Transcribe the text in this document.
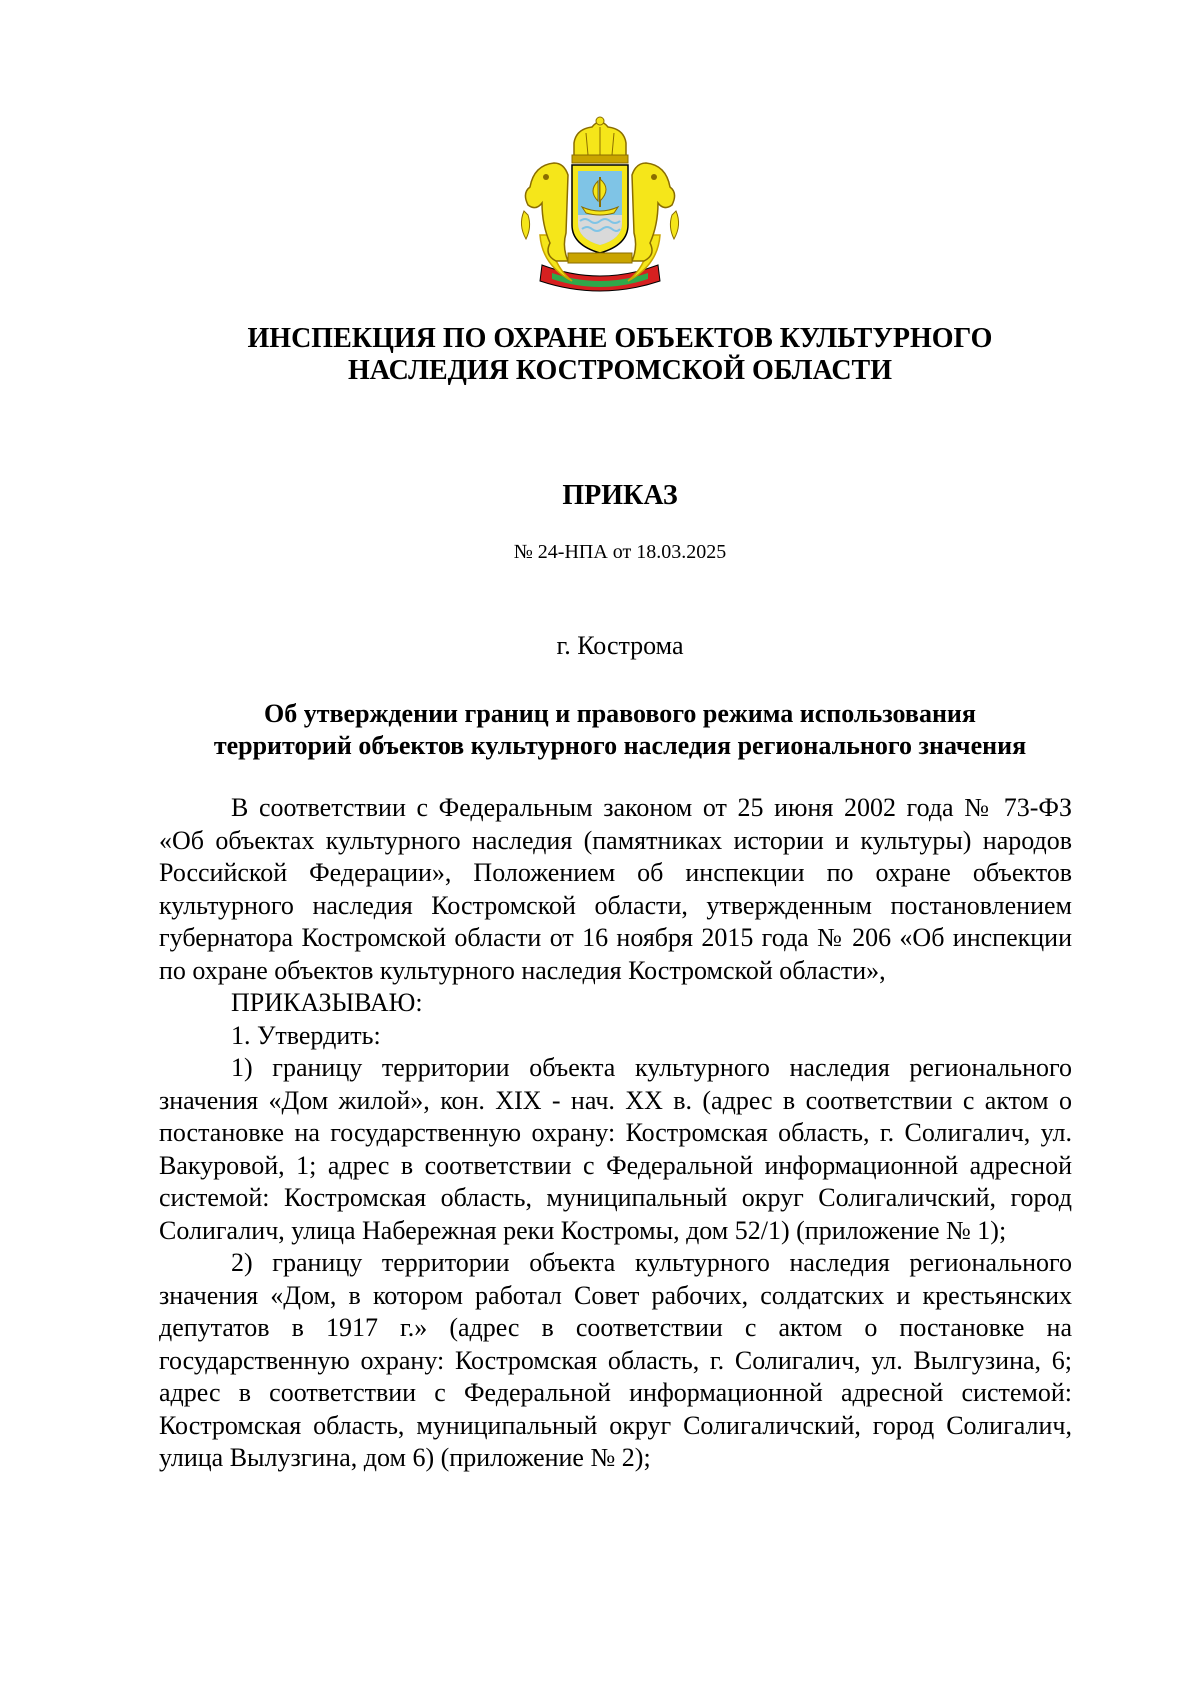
ИНСПЕКЦИЯ ПО ОХРАНЕ ОБЪЕКТОВ КУЛЬТУРНОГО
НАСЛЕДИЯ КОСТРОМСКОЙ ОБЛАСТИ
ПРИКАЗ
№ 24-НПА от 18.03.2025
г. Кострома
Об утверждении границ и правового режима использования
территорий объектов культурного наследия регионального значения

В соответствии с Федеральным законом от 25 июня 2002 года № 73-ФЗ «Об объектах культурного наследия (памятниках истории и культуры) народов Российской Федерации», Положением об инспекции по охране объектов культурного наследия Костромской области, утвержденным постановлением губернатора Костромской области от 16 ноября 2015 года № 206 «Об инспекции по охране объектов культурного наследия Костромской области»,

ПРИКАЗЫВАЮ:

1. Утвердить:

1) границу территории объекта культурного наследия регионального значения «Дом жилой», кон. XIX - нач. XX в. (адрес в соответствии с актом о постановке на государственную охрану: Костромская область, г. Солигалич, ул. Вакуровой, 1; адрес в соответствии с Федеральной информационной адресной системой: Костромская область, муниципальный округ Солигаличский, город Солигалич, улица Набережная реки Костромы, дом 52/1) (приложение № 1);

2) границу территории объекта культурного наследия регионального значения «Дом, в котором работал Совет рабочих, солдатских и крестьянских депутатов в 1917 г.» (адрес в соответствии с актом о постановке на государственную охрану: Костромская область, г. Солигалич, ул. Вылгузина, 6; адрес в соответствии с Федеральной информационной адресной системой: Костромская область, муниципальный округ Солигаличский, город Солигалич, улица Вылузгина, дом 6) (приложение № 2);
